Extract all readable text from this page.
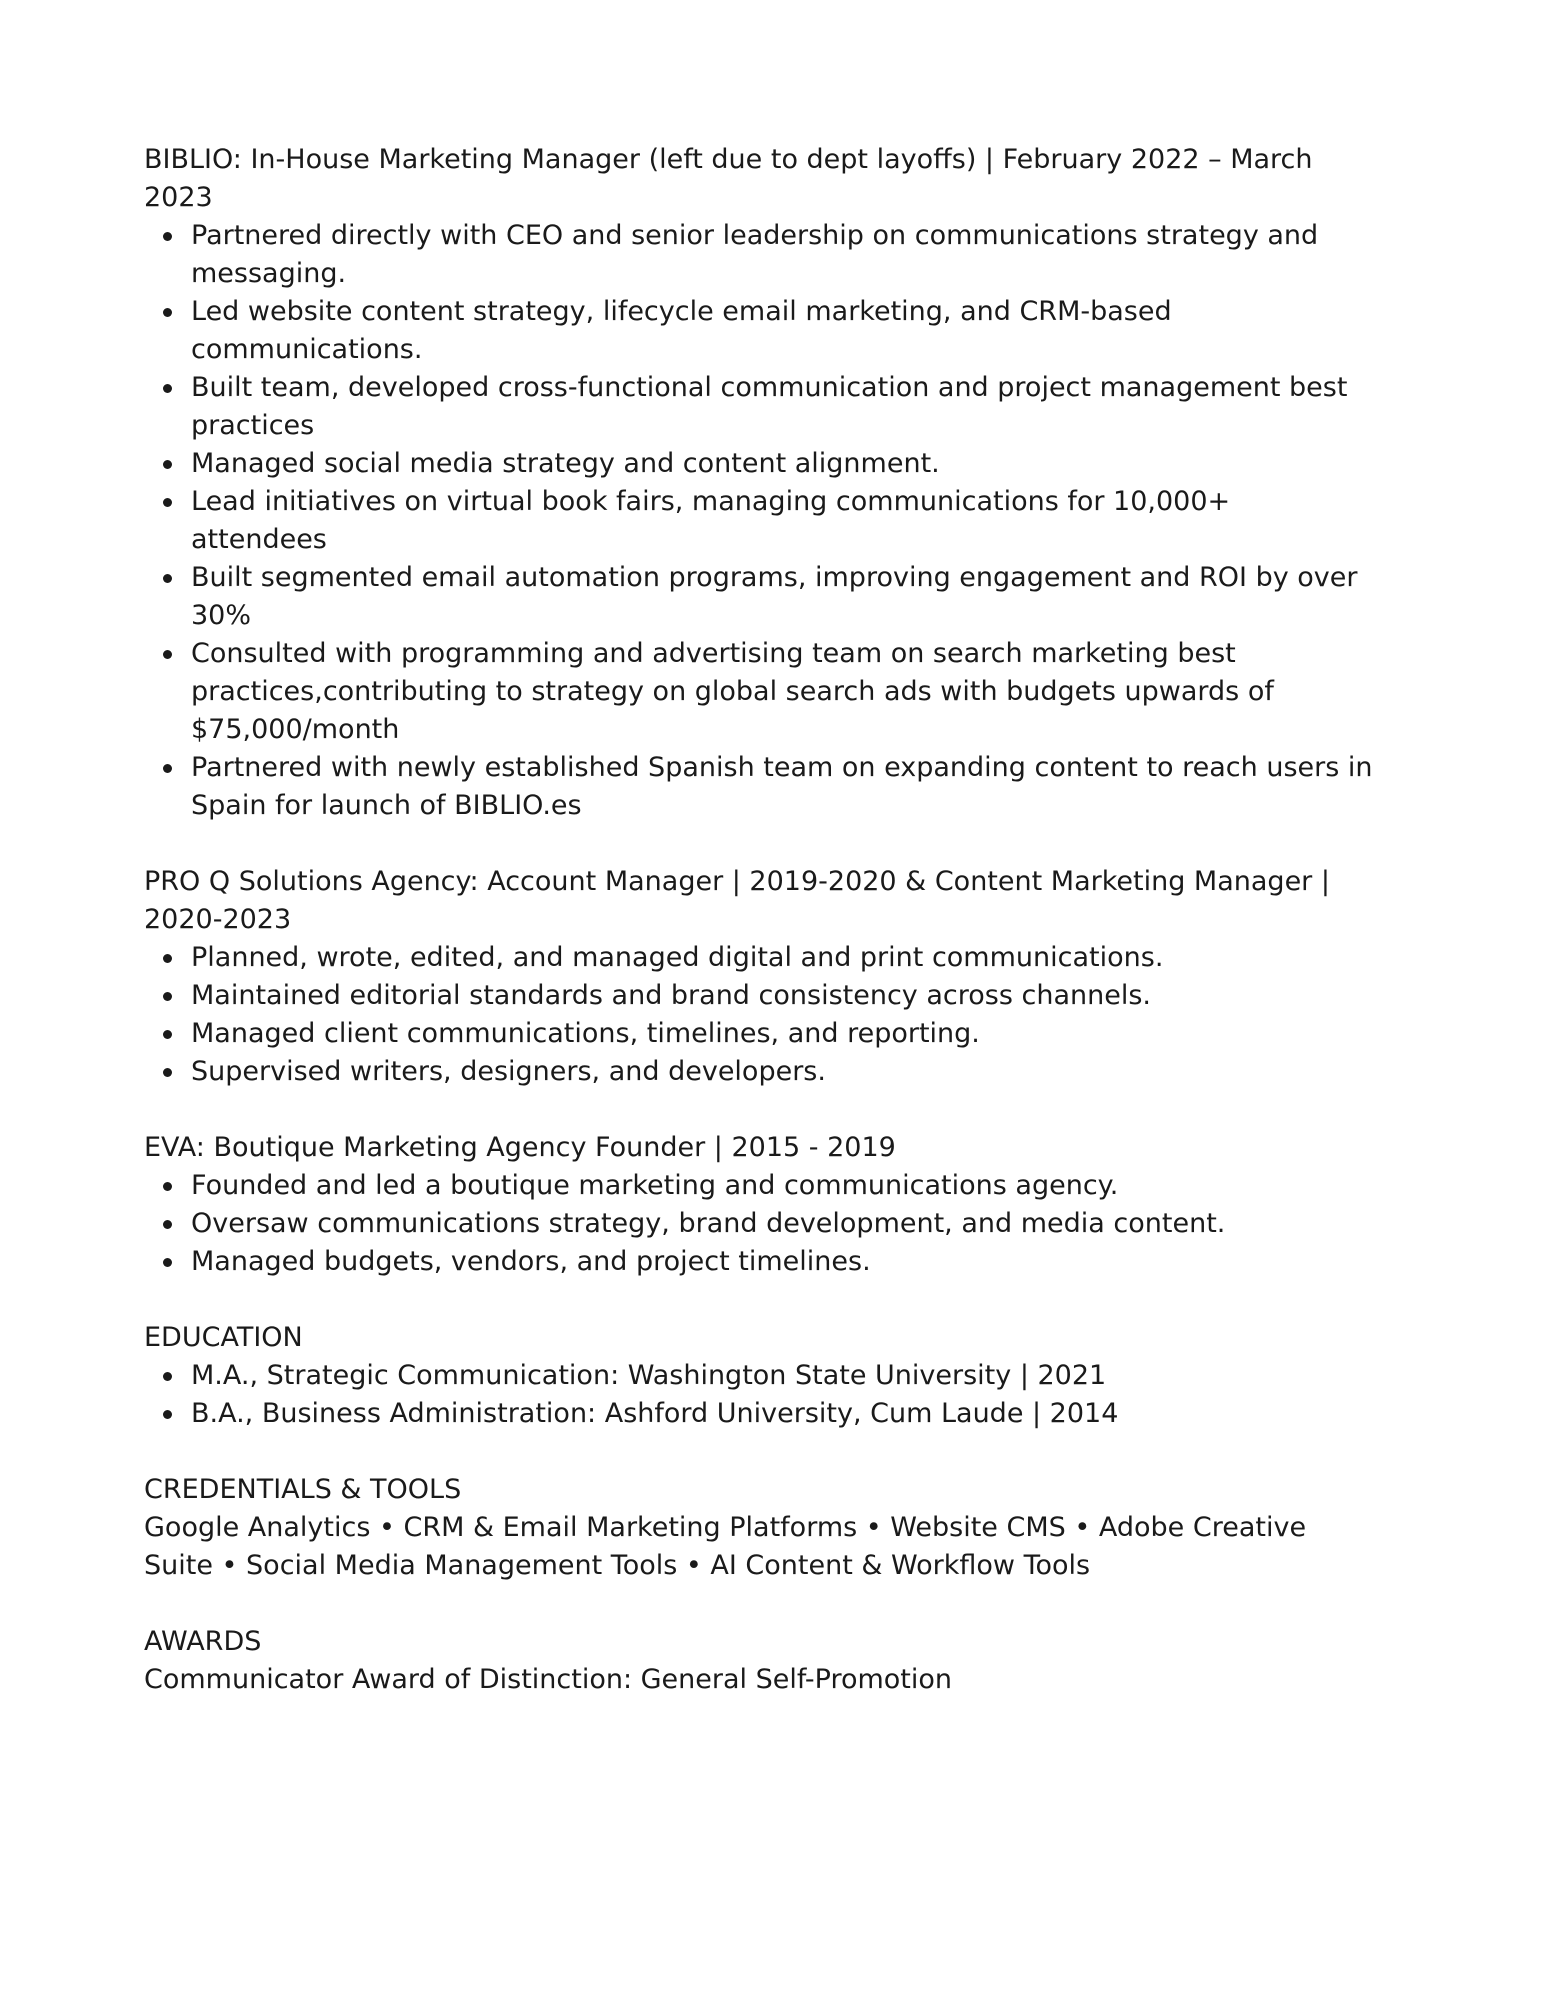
BIBLIO: In-House Marketing Manager (left due to dept layoffs) | February 2022 – March 2023

Partnered directly with CEO and senior leadership on communications strategy and messaging.
Led website content strategy, lifecycle email marketing, and CRM-based communications.
Built team, developed cross-functional communication and project management best practices
Managed social media strategy and content alignment.
Lead initiatives on virtual book fairs, managing communications for 10,000+ attendees
Built segmented email automation programs, improving engagement and ROI by over 30%
Consulted with programming and advertising team on search marketing best practices,contributing to strategy on global search ads with budgets upwards of $75,000/month
Partnered with newly established Spanish team on expanding content to reach users in Spain for launch of BIBLIO.es

PRO Q Solutions Agency: Account Manager | 2019-2020 & Content Marketing Manager | 2020-2023

Planned, wrote, edited, and managed digital and print communications.
Maintained editorial standards and brand consistency across channels.
Managed client communications, timelines, and reporting.
Supervised writers, designers, and developers.

EVA: Boutique Marketing Agency Founder | 2015 - 2019

Founded and led a boutique marketing and communications agency.
Oversaw communications strategy, brand development, and media content.
Managed budgets, vendors, and project timelines.

EDUCATION

M.A., Strategic Communication: Washington State University | 2021
B.A., Business Administration: Ashford University, Cum Laude | 2014

CREDENTIALS & TOOLS

Google Analytics • CRM & Email Marketing Platforms • Website CMS • Adobe Creative Suite • Social Media Management Tools • AI Content & Workflow Tools

AWARDS

Communicator Award of Distinction: General Self-Promotion
